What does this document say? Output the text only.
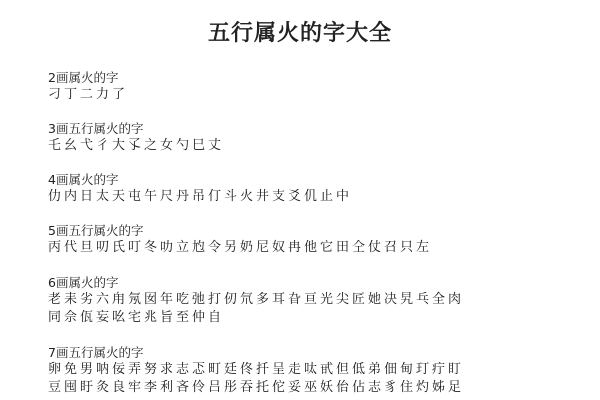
五行属火的字大全

2画属火的字

刁丁二力了

3画五行属火的字

乇幺弋彳大孓之女勺巳丈

4画属火的字

仂内日太天屯午尺丹吊仃斗火井支爻仉止中

5画五行属火的字

丙代旦叨氏叮冬叻立尥令另奶尼奴冉他它田仝仗召只左

6画属火的字

老耒劣六甪氖囡年吃弛打仞氘多耳旮亘光尖匠她决旯乓全肉

同佘佤妄吆宅兆旨至仲自

7画五行属火的字

卵免男呐佞弄努求志忑町廷佟扦呈走呔甙但低弟佃甸玎疔盯

豆囤盱灸良牢李利吝伶吕彤吞托佗妥巫妖佁佔志豸住灼姊足
